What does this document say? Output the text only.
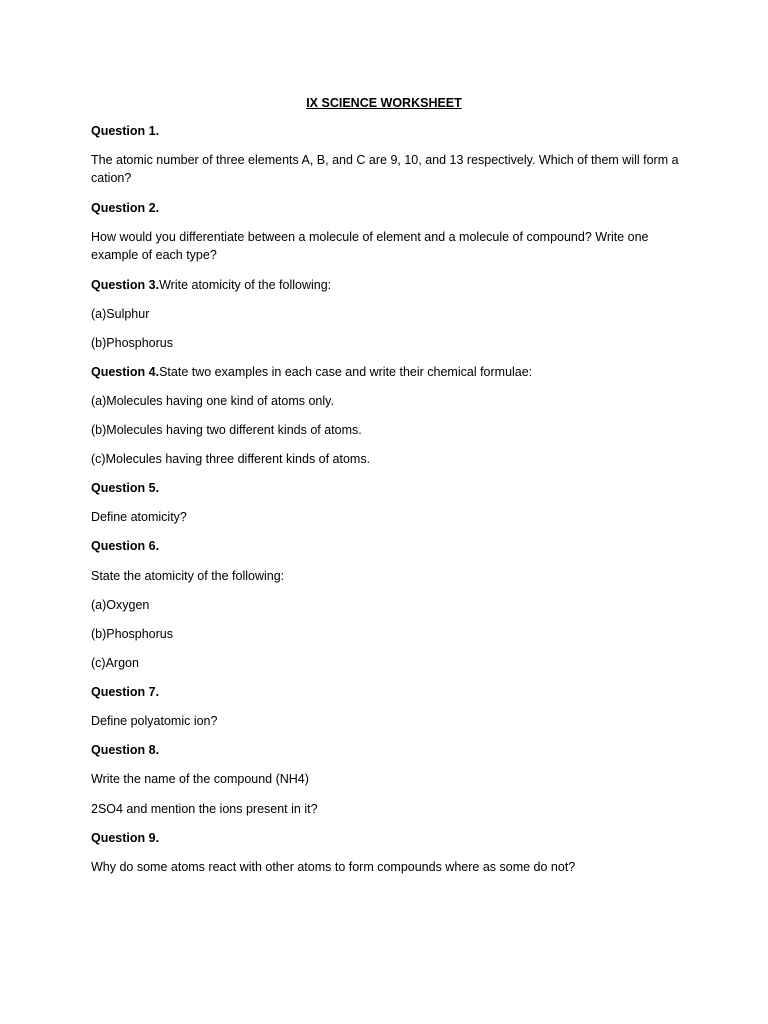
IX SCIENCE WORKSHEET
Question 1.
The atomic number of three elements A, B, and C are 9, 10, and 13 respectively. Which of them will form a cation?
Question 2.
How would you differentiate between a molecule of element and a molecule of compound? Write one example of each type?
Question 3.Write atomicity of the following:
(a)Sulphur
(b)Phosphorus
Question 4.State two examples in each case and write their chemical formulae:
(a)Molecules having one kind of atoms only.
(b)Molecules having two different kinds of atoms.
(c)Molecules having three different kinds of atoms.
Question 5.
Define atomicity?
Question 6.
State the atomicity of the following:
(a)Oxygen
(b)Phosphorus
(c)Argon
Question 7.
Define polyatomic ion?
Question 8.
Write the name of the compound (NH4)
2SO4 and mention the ions present in it?
Question 9.
Why do some atoms react with other atoms to form compounds where as some do not?
